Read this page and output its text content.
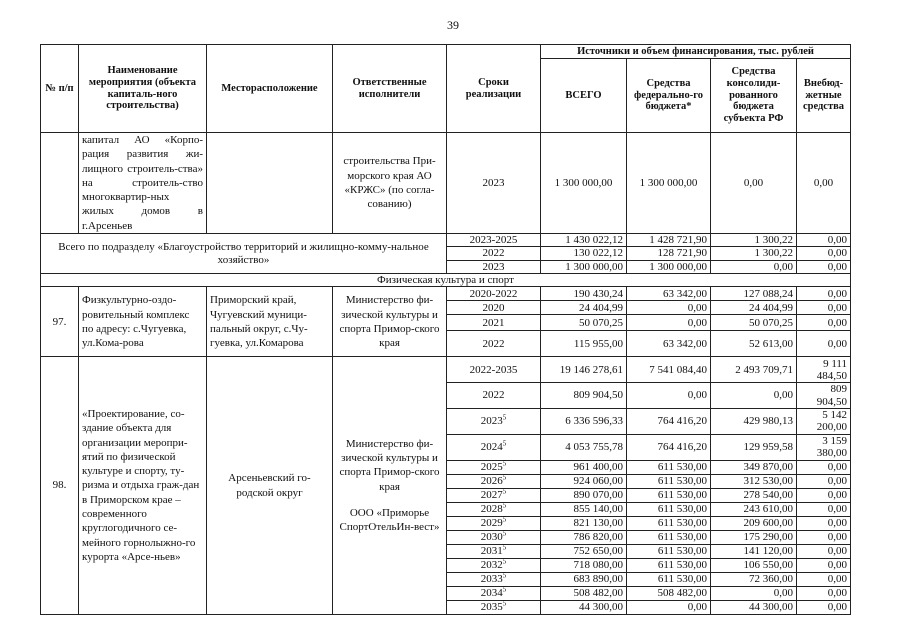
39
№ п/п	Наименование мероприятия (объекта капиталь-ного строительства)	Месторасположение	Ответственные исполнители	Сроки реализации	Источники и объем финансирования, тыс. рублей			
					ВСЕГО	Средства федерально-го бюджета*	Средства консолиди-рованного бюджета субъекта РФ	Внебюд-жетные средства
	капитал АО «Корпо-рация развития жи-лищного строитель-ства» на строитель-ство многоквартир-ных жилых домов в г.Арсеньев		строительства При-морского края АО «КРЖС» (по согла-сованию)	2023	1 300 000,00	1 300 000,00	0,00	0,00
Всего по подразделу «Благоустройство территорий и жилищно-комму-нальное хозяйство»				2023-2025	1 430 022,12	1 428 721,90	1 300,22	0,00
				2022	130 022,12	128 721,90	1 300,22	0,00
				2023	1 300 000,00	1 300 000,00	0,00	0,00
Физическая культура и спорт								
97.	Физкультурно-оздо-ровительный комплекс по адресу: с.Чугуевка, ул.Кома-рова	Приморский край, Чугуевский муници-пальный округ, с.Чу-гуевка, ул.Комарова	Министерство фи-зической культуры и спорта Примор-ского края	2020-2022	190 430,24	63 342,00	127 088,24	0,00
				2020	24 404,99	0,00	24 404,99	0,00
				2021	50 070,25	0,00	50 070,25	0,00
				2022	115 955,00	63 342,00	52 613,00	0,00
98.	«Проектирование, со-здание объекта для организации меропри-ятий по физической культуре и спорту, ту-ризма и отдыха граж-дан в Приморском крае – современного круглогодичного се-мейного горнолыжно-го курорта «Арсе-ньев»	Арсеньевский го-родской округ	Министерство фи-зической культуры и спорта Примор-ского края
ООО «Приморье СпортОтельИн-вест»	2022-2035	19 146 278,61	7 541 084,40	2 493 709,71	9 111 484,50
				2022	809 904,50	0,00	0,00	809 904,50
				2023$^5$	6 336 596,33	764 416,20	429 980,13	5 142 200,00
				2024$^5$	4 053 755,78	764 416,20	129 959,58	3 159 380,00
				2025$^5$	961 400,00	611 530,00	349 870,00	0,00
				2026$^5$	924 060,00	611 530,00	312 530,00	0,00
				2027$^5$	890 070,00	611 530,00	278 540,00	0,00
				2028$^5$	855 140,00	611 530,00	243 610,00	0,00
				2029$^5$	821 130,00	611 530,00	209 600,00	0,00
				2030$^5$	786 820,00	611 530,00	175 290,00	0,00
				2031$^5$	752 650,00	611 530,00	141 120,00	0,00
				2032$^5$	718 080,00	611 530,00	106 550,00	0,00
				2033$^5$	683 890,00	611 530,00	72 360,00	0,00
				2034$^5$	508 482,00	508 482,00	0,00	0,00
				2035$^5$	44 300,00	0,00	44 300,00	0,00
